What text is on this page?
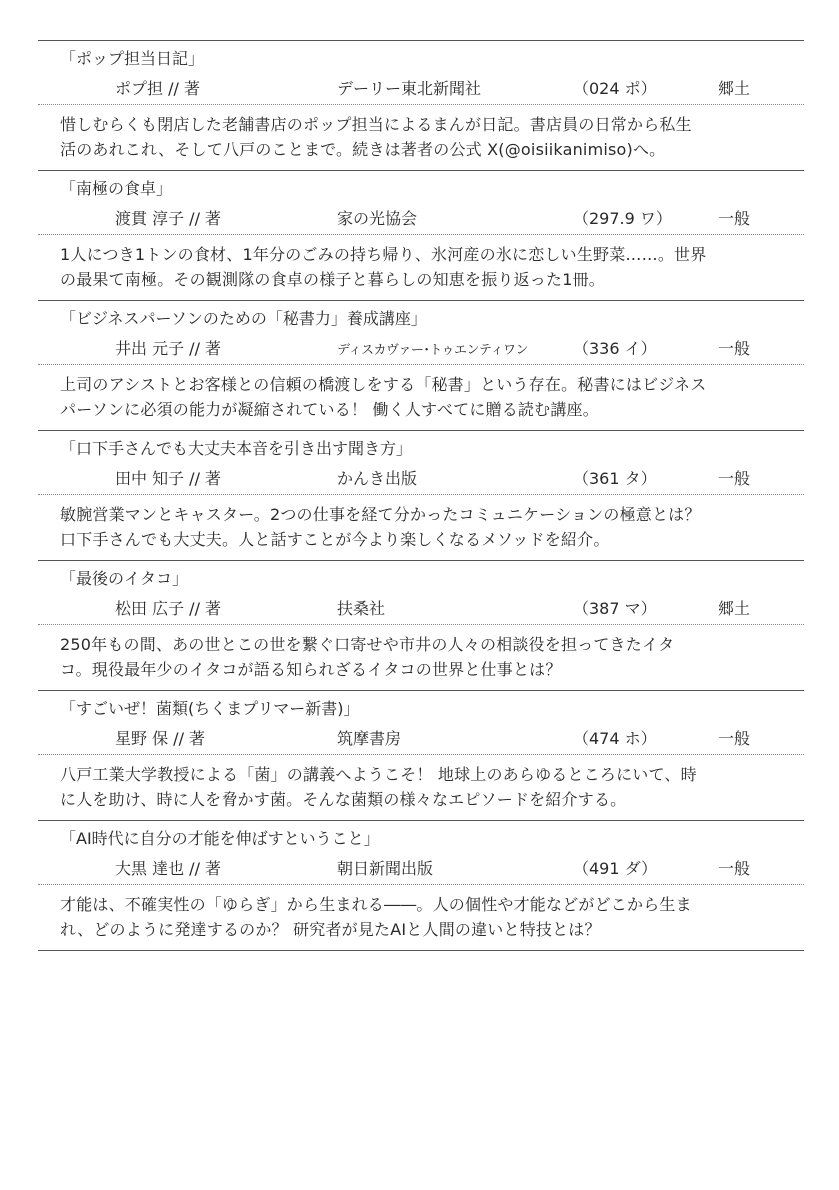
「ポップ担当日記」
ポプ担 // 著	デーリー東北新聞社	（024 ポ）	郷土
惜しむらくも閉店した老舗書店のポップ担当によるまんが日記。書店員の日常から私生
活のあれこれ、そして八戸のことまで。続きは著者の公式 X(@oisiikanimiso)へ。
「南極の食卓」
渡貫 淳子 // 著	家の光協会	（297.9 ワ）	一般
1人につき1トンの食材、1年分のごみの持ち帰り、氷河産の氷に恋しい生野菜……。世界
の最果て南極。その観測隊の食卓の様子と暮らしの知恵を振り返った1冊。
「ビジネスパーソンのための「秘書力」養成講座」
井出 元子 // 著	ディスカヴァー･トゥエンティワン	（336 イ）	一般
上司のアシストとお客様との信頼の橋渡しをする「秘書」という存在。秘書にはビジネス
パーソンに必須の能力が凝縮されている！ 働く人すべてに贈る読む講座。
「口下手さんでも大丈夫本音を引き出す聞き方」
田中 知子 // 著	かんき出版	（361 タ）	一般
敏腕営業マンとキャスター。2つの仕事を経て分かったコミュニケーションの極意とは？
口下手さんでも大丈夫。人と話すことが今より楽しくなるメソッドを紹介。
「最後のイタコ」
松田 広子 // 著	扶桑社	（387 マ）	郷土
250年もの間、あの世とこの世を繋ぐ口寄せや市井の人々の相談役を担ってきたイタ
コ。現役最年少のイタコが語る知られざるイタコの世界と仕事とは？
「すごいぜ！菌類(ちくまプリマー新書)」
星野 保 // 著	筑摩書房	（474 ホ）	一般
八戸工業大学教授による「菌」の講義へようこそ！ 地球上のあらゆるところにいて、時
に人を助け、時に人を脅かす菌。そんな菌類の様々なエピソードを紹介する。
「AI時代に自分の才能を伸ばすということ」
大黒 達也 // 著	朝日新聞出版	（491 ダ）	一般
才能は、不確実性の「ゆらぎ」から生まれる――。人の個性や才能などがどこから生ま
れ、どのように発達するのか？ 研究者が見たAIと人間の違いと特技とは？
